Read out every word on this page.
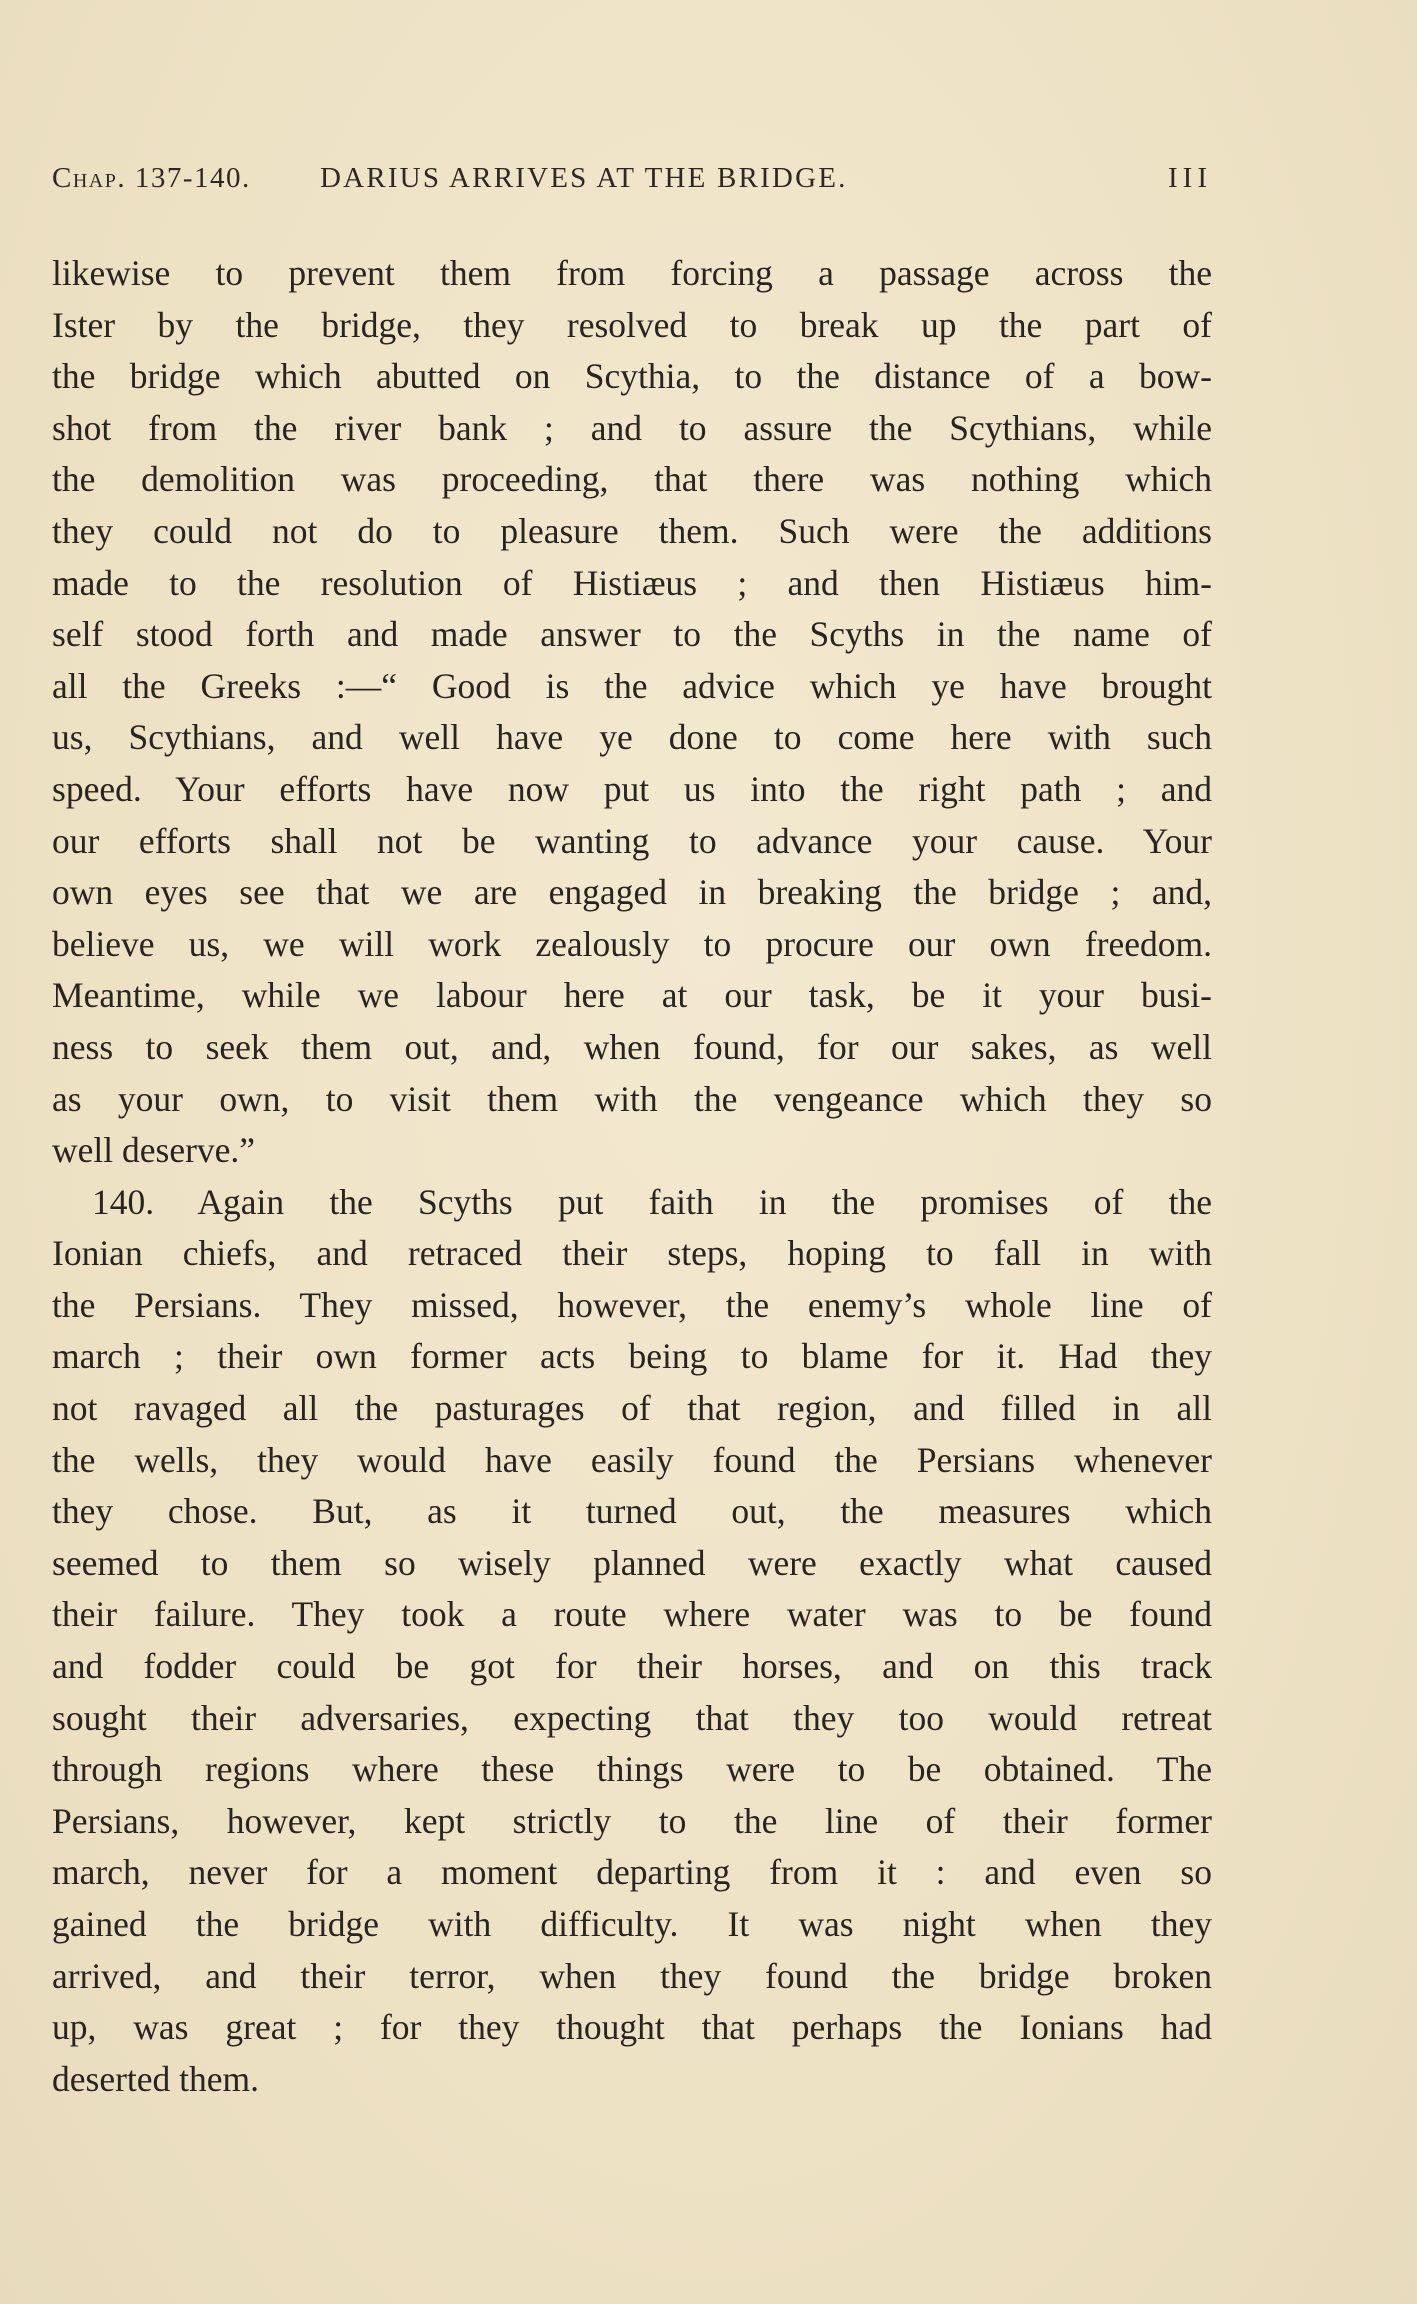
Chap. 137-140. DARIUS ARRIVES AT THE BRIDGE.	III
likewise to prevent them from forcing a passage across the
Ister by the bridge, they resolved to break up the part of
the bridge which abutted on Scythia, to the distance of a bow-
shot from the river bank ; and to assure the Scythians, while
the demolition was proceeding, that there was nothing which
they could not do to pleasure them. Such were the additions
made to the resolution of Histiæus ; and then Histiæus him-
self stood forth and made answer to the Scyths in the name of
all the Greeks :—“ Good is the advice which ye have brought
us, Scythians, and well have ye done to come here with such
speed. Your efforts have now put us into the right path ; and
our efforts shall not be wanting to advance your cause. Your
own eyes see that we are engaged in breaking the bridge ; and,
believe us, we will work zealously to procure our own freedom.
Meantime, while we labour here at our task, be it your busi-
ness to seek them out, and, when found, for our sakes, as well
as your own, to visit them with the vengeance which they so
well deserve.”
140. Again the Scyths put faith in the promises of the
Ionian chiefs, and retraced their steps, hoping to fall in with
the Persians. They missed, however, the enemy’s whole line of
march ; their own former acts being to blame for it. Had they
not ravaged all the pasturages of that region, and filled in all
the wells, they would have easily found the Persians whenever
they chose. But, as it turned out, the measures which
seemed to them so wisely planned were exactly what caused
their failure. They took a route where water was to be found
and fodder could be got for their horses, and on this track
sought their adversaries, expecting that they too would retreat
through regions where these things were to be obtained. The
Persians, however, kept strictly to the line of their former
march, never for a moment departing from it : and even so
gained the bridge with difficulty. It was night when they
arrived, and their terror, when they found the bridge broken
up, was great ; for they thought that perhaps the Ionians had
deserted them.
